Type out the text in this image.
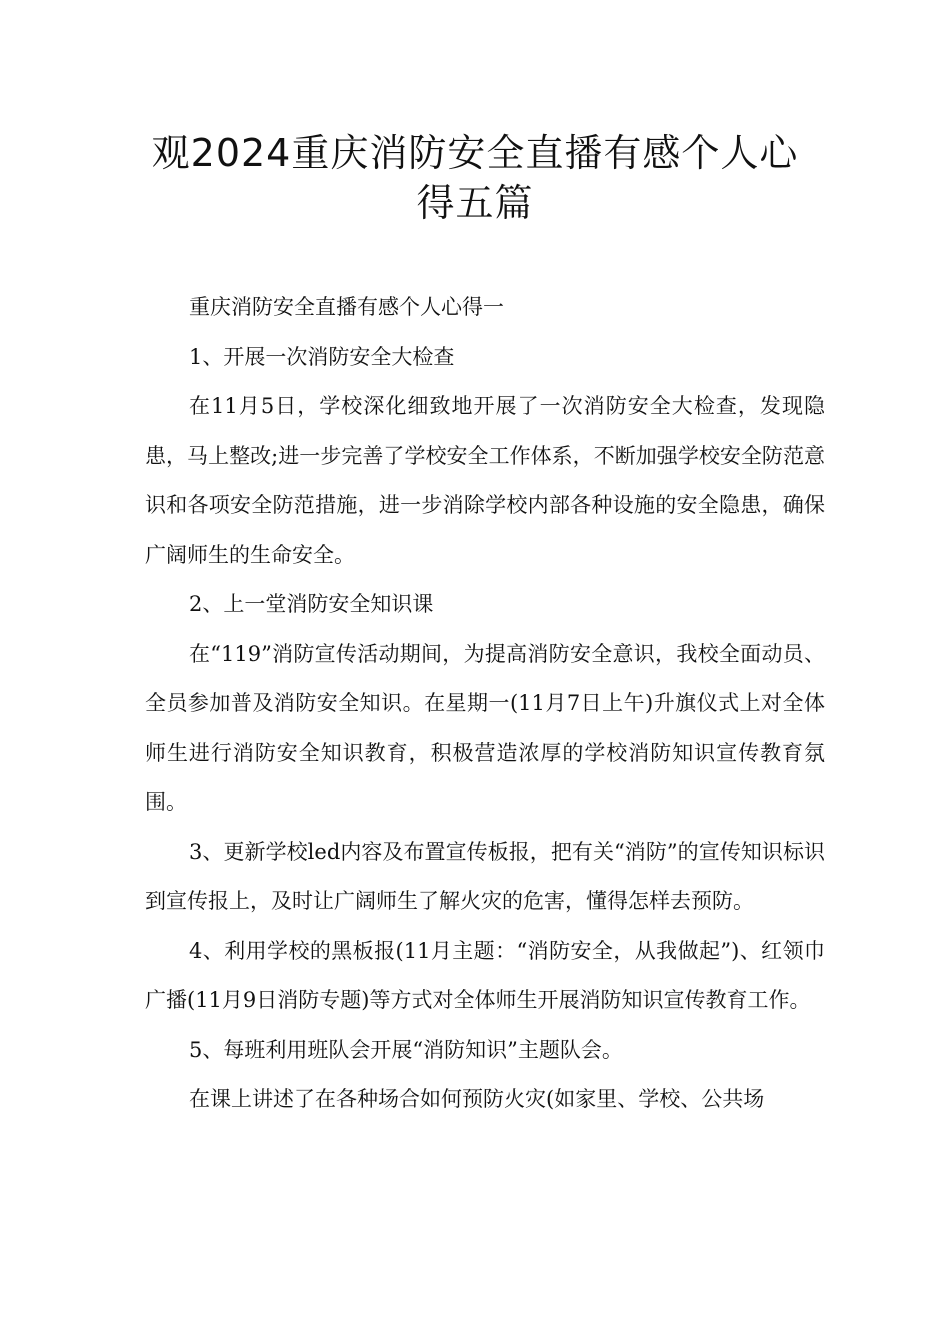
观2024重庆消防安全直播有感个人心
得五篇

重庆消防安全直播有感个人心得一

1、开展一次消防安全大检查

在11月5日，学校深化细致地开展了一次消防安全大检查，发现隐患，马上整改;进一步完善了学校安全工作体系，不断加强学校安全防范意识和各项安全防范措施，进一步消除学校内部各种设施的安全隐患，确保广阔师生的生命安全。

2、上一堂消防安全知识课

在“119”消防宣传活动期间，为提高消防安全意识，我校全面动员、全员参加普及消防安全知识。在星期一(11月7日上午)升旗仪式上对全体师生进行消防安全知识教育，积极营造浓厚的学校消防知识宣传教育氛围。

3、更新学校led内容及布置宣传板报，把有关“消防”的宣传知识标识到宣传报上，及时让广阔师生了解火灾的危害，懂得怎样去预防。

4、利用学校的黑板报(11月主题：“消防安全，从我做起”)、红领巾广播(11月9日消防专题)等方式对全体师生开展消防知识宣传教育工作。

5、每班利用班队会开展“消防知识”主题队会。

在课上讲述了在各种场合如何预防火灾(如家里、学校、公共场
